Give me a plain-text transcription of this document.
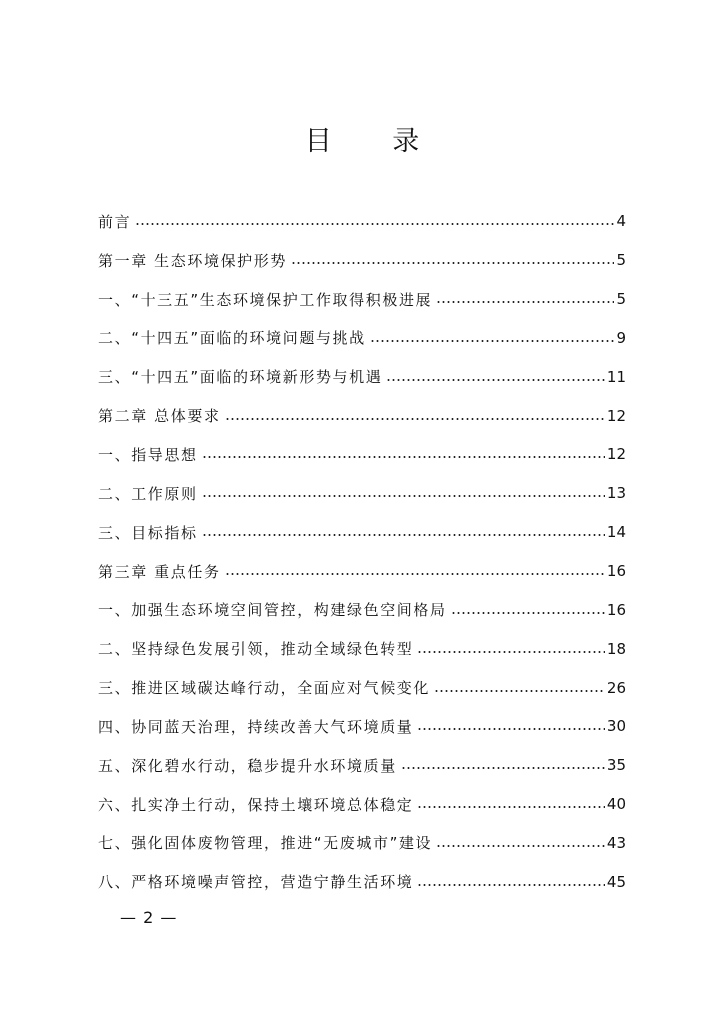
目 录
前言	4
第一章 生态环境保护形势	5
一、“十三五”生态环境保护工作取得积极进展	5
二、“十四五”面临的环境问题与挑战	9
三、“十四五”面临的环境新形势与机遇	11
第二章 总体要求	12
一、指导思想	12
二、工作原则	13
三、目标指标	14
第三章 重点任务	16
一、加强生态环境空间管控，构建绿色空间格局	16
二、坚持绿色发展引领，推动全域绿色转型	18
三、推进区域碳达峰行动，全面应对气候变化	26
四、协同蓝天治理，持续改善大气环境质量	30
五、深化碧水行动，稳步提升水环境质量	35
六、扎实净土行动，保持土壤环境总体稳定	40
七、强化固体废物管理，推进“无废城市”建设	43
八、严格环境噪声管控，营造宁静生活环境	45
— 2 —
